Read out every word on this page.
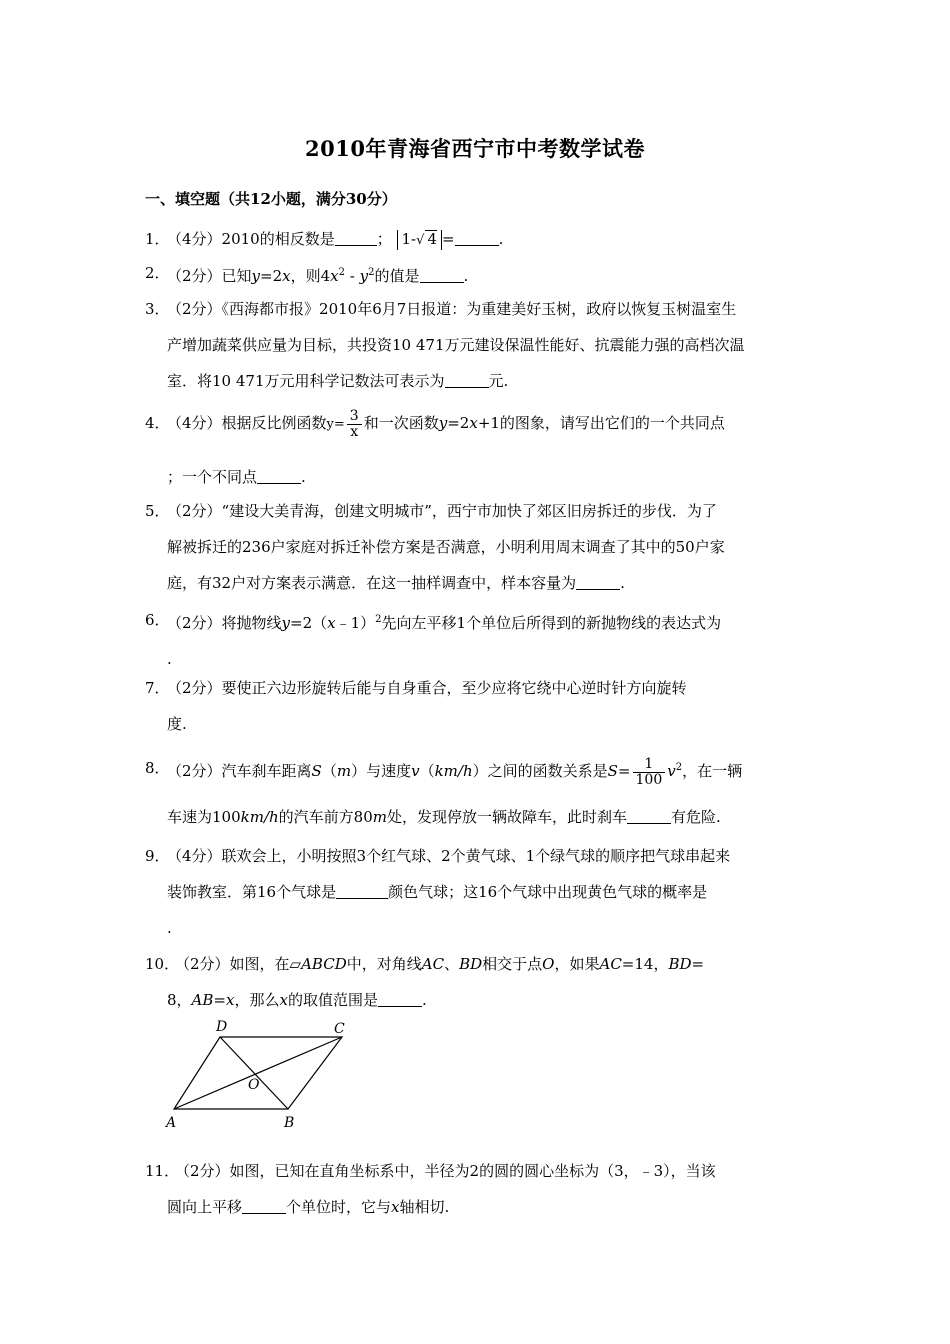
2010年青海省西宁市中考数学试卷
一、填空题（共12小题，满分30分）
1．
（4分）2010的相反数是	； 1-√ 4 =	.
2．
（2分）已知y=2x，则$4x^2 - y^2$的值是	.
3．
（2分）《西海都市报》2010年6月7日报道：为重建美好玉树，政府以恢复玉树温室生
产增加蔬菜供应量为目标，共投资10 471万元建设保温性能好、抗震能力强的高档次温
室．将10 471万元用科学记数法可表示为	元.
4．
（4分）根据反比例函数$y= \frac{3}{x}$ 和一次函数y=2x+1的图象，请写出它们的一个共同点
；一个不同点	.
5．
（2分）“建设大美青海，创建文明城市”，西宁市加快了郊区旧房拆迁的步伐．为了
解被拆迁的236户家庭对拆迁补偿方案是否满意，小明利用周末调查了其中的50户家
庭，有32户对方案表示满意．在这一抽样调查中，样本容量为	.
6．
（2分）将抛物线y=2（x﹣1）$^2$先向左平移1个单位后所得到的新抛物线的表达式为
.
7．
（2分）要使正六边形旋转后能与自身重合，至少应将它绕中心逆时针方向旋转
度.
8．
（2分）汽车刹车距离S（m）与速度v（km/h）之间的函数关系是$S= \frac{1}{100} v^2$，在一辆
车速为100km/h的汽车前方80m处，发现停放一辆故障车，此时刹车	有危险.
9．
（4分）联欢会上，小明按照3个红气球、2个黄气球、1个绿气球的顺序把气球串起来
装饰教室．第16个气球是	颜色气球；这16个气球中出现黄色气球的概率是
.
10．
（2分）如图，在▱ABCD中，对角线AC、BD相交于点O，如果AC=14，BD=
8，AB=x，那么x的取值范围是	.
A	B
C
D
O
11．
（2分）如图，已知在直角坐标系中，半径为2的圆的圆心坐标为（3，﹣3），当该
圆向上平移	个单位时，它与x轴相切.
